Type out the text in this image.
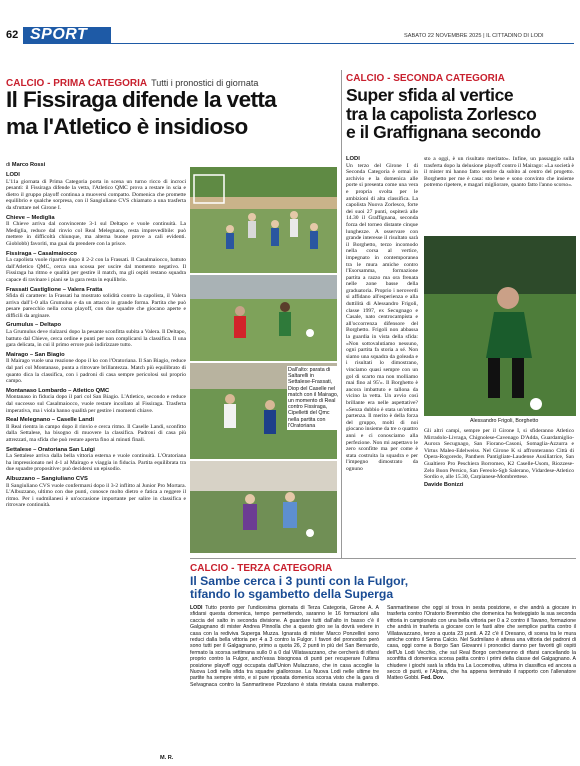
62 SPORT	SABATO 22 NOVEMBRE 2025 | IL CITTADINO DI LODI
CALCIO - PRIMA CATEGORIA Tutti i pronostici di giornata
Il Fissiraga difende la vetta
ma l'Atletico è insidioso
di Marco Rossi
LODI

L'11a giornata di Prima Categoria porta in scena un turno ricco di incroci pesanti: il Fissiraga difende la vetta, l'Atletico QMC prova a restare in scia e dietro il gruppo playoff continua a muoversi compatto. Domenica che promette equilibrio e qualche sorpresa, con il Sangiuliano CVS chiamato a una trasferta da sfruttare nel Girone I.

Chieve – Mediglia

Il Chieve arriva dal convincente 3-1 sul Deltapo e vuole continuità. La Mediglia, reduce dal rinvio col Real Melegnano, resta imprevedibile: può mettere in difficoltà chiunque, ma alterna buone prove a cali evidenti. Gioblobb) favoriti, ma guai da prendere con la prisce.

Fissiraga – Casalmaiocco

La capolista vuole ripartire dopo il 2-2 con la Frassati. Il Casalmaiocco, battuto dall'Atletico QMC, cerca una scossa per uscire dal momento negativo. Il Fissiraga ha ritmo e qualità per gestire il match, ma gli ospiti restano squadra capace di ravinare i piani se la gara resta in equilibrio.

Frassati Castiglione – Valera Fratta

Sfida di carattere: la Frassati ha mostrato solidità contro la capolista, il Valera arriva dall'1-0 alla Grumulus e da un attacco in grande forma. Partita che può pesare parecchio nella corsa playoff, con due squadre che giocano aperte e difficili da arginare.

Grumulus – Deltapo

La Grumulus deve rialzarsi dopo la pesante sconfitta subita a Valera. Il Deltapo, battuto dal Chieve, cerca ordine e punti per non complicarsi la classifica. Il una gara delicata, in cui il primo errore può indirizzare tutto.

Mairago – San Biagio

Il Mairago vuole una reazione dopo il ko con l'Oratoriana. Il San Biagio, reduce dal pari col Montanaso, punta a ritrovare brillantezza. Match più equilibrato di quanto dica la classifica, con i padroni di casa sempre pericolosi sul proprio campo.

Montanaso Lombardo – Atletico QMC

Montanaso in fiducia dopo il pari col San Biagio. L'Atletico, secondo e reduce dal successo sul Casalmaiocco, vuole restare incollato al Fissiraga. Trasferta imperativa, ma i viola hanno qualità per gestire i momenti chiave.

Real Melegnano – Caselle Landi

Il Real rientra in campo dopo il rinvio e cerca ritmo. Il Caselle Landi, sconfitto dalla Settalese, ha bisogno di muovere la classifica. Padroni di casa più attrezzati, ma sfida che può restare aperta fino ai minuti finali.

Settalese – Oratoriana San Luigi

La Settalese arriva dalla bella vittoria esterna e vuole continuità. L'Oratoriana ha impressionato nel 4-1 al Mairago e viaggia in fiducia. Partita equilibrata tra due squadre propositive: può decidersi un episodio.

Albuzzano – Sangiuliano CVS

Il Sangiuliano CVS vuole confermarsi dopo il 3-2 inflitto al Junior Pro Mortara. L'Albuzzano, ultimo con due punti, conosce molto dietro e fatica a reggere il ritmo. Per i sudmilanesi è un'occasione importante per salire in classifica e ritrovare continuità.

Dall'alto: parata di Saltarelli in Settalese-Frassati, Diop del Caselle nel match con il Mairago, un momento di Real contro Fissiraga, Cipelletti del Qmc nella partita con l'Oratoriana
M. R.
CALCIO - SECONDA CATEGORIA
Super sfida al vertice
tra la capolista Zorlesco
e il Graffignana secondo
LODI

Un terzo del Girone I di Seconda Categoria è ormai in archivio e la domenica alle porte si presenta come una vera e propria svolta per le ambizioni di alta classifica. La capolista Nuova Zorlesco, forte dei suoi 27 punti, ospiterà alle 14.30 il Graffignana, seconda forza del torneo distante cinque lunghezze. A osservare con grande interesse il risultato sarà il Borghetto, terzo incomodo nella corsa al vertice, impegnato in contemporanea tra le mura amiche contro l'Esorsamma, formazione partita a razzo ma ora frenata nelle zone basse della graduatoria. Proprio i neroverdi si affidano all'esperienza e alla duttilità di Alessandro Frigoli, classe 1997, ex Secugnago e Casale, nato centrocampista e all'occorrenza difensore del Borghetto. Frigoli non abbassa la guardia in vista della sfida: «Non sottovalutiamo nessuno, ogni partita fa storia a sé. Non siamo una squadra da goleada e i risultati lo dimostrano, vinciamo quasi sempre con un gol di scarto ma non molliamo mai fino al 95'». Il Borghetto è ancora imbattuto e tallona da vicino la vetta. Un avvio così brillante era nelle aspettative? «Senza dubbio è stata un'ottima partenza. Il merito è della forza del gruppo, molti di noi giocano insieme da tre o quattro anni e ci conosciamo alla perfezione. Non mi aspettavo le zero sconfitte ma per come è stata costruita la squadra e per l'impegno dimostrato da ognuno

sto a oggi, è un risultato meritato». Infine, un passaggio sulla trasferta dopo la delusione playoff contro il Mairago: «La società è il mister mi hanno fatto sentire da subito al centro del progetto. Borghetto per me è casa: sto bene e sono convinto che insieme potremo ripetere, e magari migliorare, quanto fatto l'anno scorso».

Alessandro Frigoli, Borghetto

Gli altri campi, sempre per il Girone I, si sfideranno Atletico Mirradolo-Livraga, Chignolese-Cavenago D'Adda, Guardamiglio-Aurora Secugnago, San Fiorano-Casoni, Somaglia-Azzurra e Virtus Maleo-Edelweiss. Nel Girone K si affronteranno Città di Opera-Rogoredo, Panthers Pantigliate-Laudense Ausiliatrice, San Gualtiero Pro Peschiera Borromeo, K2 Caselle-Usom, Riozzese-Zelo Buon Persico, San Fereolo-Sgb Salerano, Vidardese-Atletico Sordio e, alle 15.30, Carpianese-Mombrettese.

Davide Bonizzi
CALCIO - TERZA CATEGORIA
Il Sambe cerca i 3 punti con la Fulgor,
tifando lo sgambetto della Superga
LODI Tutto pronto per l'undicesima giornata di Terza Categoria, Girone A. A sfidarsi questa domenica, tempo permettendo, saranno le 16 formazioni alla caccia del salto in seconda divisione. A guardare tutti dall'alto in basso c'è il Galgagnano di mister Andrea Pinnolla che a questo giro se la dovrà vedere in casa con la rediviva Superga Muzza. Ignarata di mister Marco Ponzellini sono reduci dalla bella vittoria per 4 a 3 contro la Fulgor. I favori del pronostico però sono tutti per il Galgagnano, primo a quota 26, 2 punti in più del San Bernardo, fermato la scorsa settimana sullo 0 a 0 dal Villatavazzano, che cercherà di rifarsi proprio contro la Fulgor, anch'essa bisognosa di punti per recuperare l'ultima posizione playoff oggi occupata dall'Union Mulazzano, che in casa accoglie la Nuova Lodi nella sfida tra squadre giallorosse. La Nuova Lodi nelle ultime tre partite ha sempre vinto, e si pure riposata domenica scorsa visto che la gara di Selvagnaca contro la Sanmartinese Pizzolano è stata rinviata causa maltempo. Sanmartinese che oggi si trova in sesta posizione, e che andrà a giocare in trasferta contro l'Oratorio Bremmbio che domenica ha festeggiato la sua seconda vittoria in campionato con una bella vittoria per 0 a 2 contro il Tavano, formazione che andrà in trasferta a giocare con le fasti altre che semplice partita contro il Villatavazzano, terzo a quota 23 punti. A 22 c'è il Dresano, di scena tra le mura amiche contro il Senna Calcio. Nel Sudmilano è attesa una vittoria dei padroni di casa, oggi come a Borgo San Giovanni i pronostici danno per favoriti gli ospiti dell'Us Lodi Vecchio, che sul Real Borgo cercheranno di rifarsi cancellando la sconfitta di domenica scorsa patita contro i primi della classe del Galgagnano. A chiudere i giochi sarà la sfida tra La Locomotiva, ultima in classifica ed ancora a secco di punti, e l'Alpina, che ha appena terminato il rapporto con l'allenatore Matteo Gobbi. Fed. Dov.
